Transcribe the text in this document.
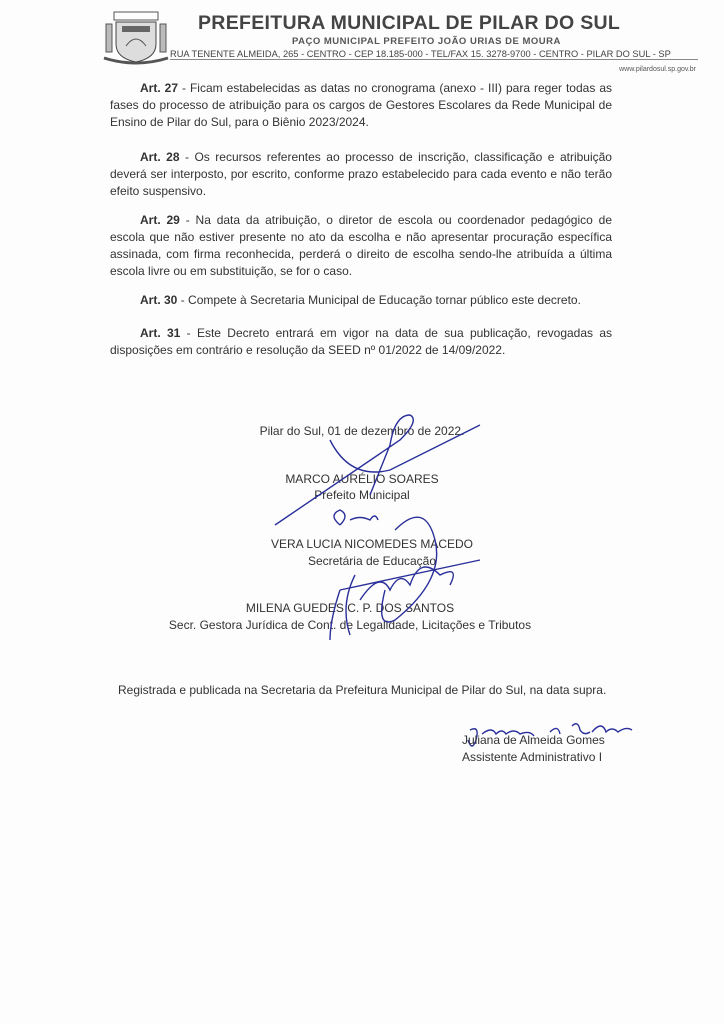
PREFEITURA MUNICIPAL DE PILAR DO SUL
PAÇO MUNICIPAL PREFEITO JOÃO URIAS DE MOURA
RUA TENENTE ALMEIDA, 265 - CENTRO - CEP 18.185-000 - TEL/FAX 15. 3278-9700 - CENTRO - PILAR DO SUL - SP
www.pilardosul.sp.gov.br

Art. 27 - Ficam estabelecidas as datas no cronograma (anexo - III) para reger todas as fases do processo de atribuição para os cargos de Gestores Escolares da Rede Municipal de Ensino de Pilar do Sul, para o Biênio 2023/2024.

Art. 28 - Os recursos referentes ao processo de inscrição, classificação e atribuição deverá ser interposto, por escrito, conforme prazo estabelecido para cada evento e não terão efeito suspensivo.

Art. 29 - Na data da atribuição, o diretor de escola ou coordenador pedagógico de escola que não estiver presente no ato da escolha e não apresentar procuração específica assinada, com firma reconhecida, perderá o direito de escolha sendo-lhe atribuída a última escola livre ou em substituição, se for o caso.

Art. 30 - Compete à Secretaria Municipal de Educação tornar público este decreto.

Art. 31 - Este Decreto entrará em vigor na data de sua publicação, revogadas as disposições em contrário e resolução da SEED nº 01/2022 de 14/09/2022.

Pilar do Sul, 01 de dezembro de 2022.
MARCO AURÉLIO SOARES
Prefeito Municipal
VERA LUCIA NICOMEDES MACEDO
Secretária de Educação
MILENA GUEDES C. P. DOS SANTOS
Secr. Gestora Jurídica de Cont. de Legalidade, Licitações e Tributos
Registrada e publicada na Secretaria da Prefeitura Municipal de Pilar do Sul, na data supra.
Juliana de Almeida Gomes
Assistente Administrativo I
